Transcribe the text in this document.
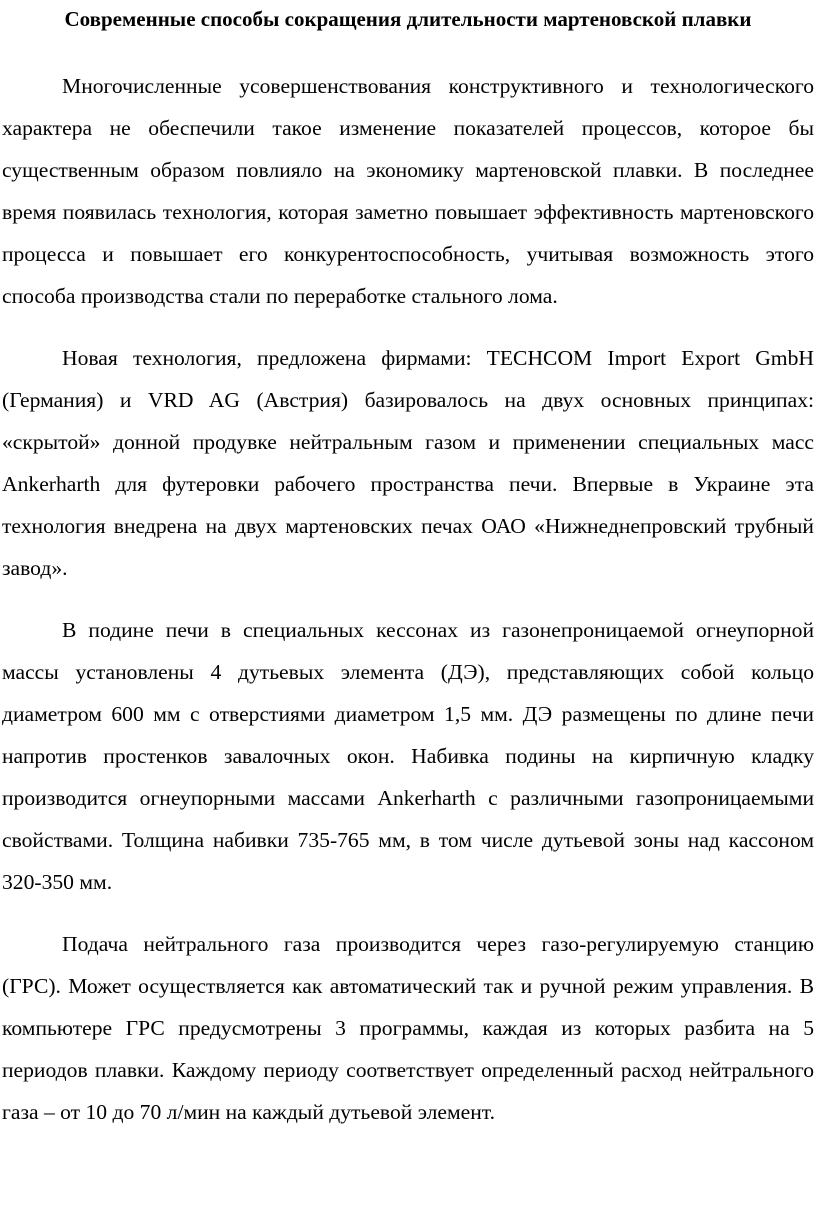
Современные способы сокращения длительности мартеновской плавки

Многочисленные усовершенствования конструктивного и технологического характера не обеспечили такое изменение показателей процессов, которое бы существенным образом повлияло на экономику мартеновской плавки. В последнее время появилась технология, которая заметно повышает эффективность мартеновского процесса и повышает его конкурентоспособность, учитывая возможность этого способа производства стали по переработке стального лома.

Новая технология, предложена фирмами: TECHCOM Import Export GmbH (Германия) и VRD AG (Австрия) базировалось на двух основных принципах: «скрытой» донной продувке нейтральным газом и применении специальных масс Ankerharth для футеровки рабочего пространства печи. Впервые в Украине эта технология внедрена на двух мартеновских печах ОАО «Нижнеднепровский трубный завод».

В подине печи в специальных кессонах из газонепроницаемой огнеупорной массы установлены 4 дутьевых элемента (ДЭ), представляющих собой кольцо диаметром 600 мм с отверстиями диаметром 1,5 мм. ДЭ размещены по длине печи напротив простенков завалочных окон. Набивка подины на кирпичную кладку производится огнеупорными массами Ankerharth с различными газопроницаемыми свойствами. Толщина набивки 735-765 мм, в том числе дутьевой зоны над кассоном 320-350 мм.

Подача нейтрального газа производится через газо-регулируемую станцию (ГРС). Может осуществляется как автоматический так и ручной режим управления. В компьютере ГРС предусмотрены 3 программы, каждая из которых разбита на 5 периодов плавки. Каждому периоду соответствует определенный расход нейтрального газа – от 10 до 70 л/мин на каждый дутьевой элемент.
